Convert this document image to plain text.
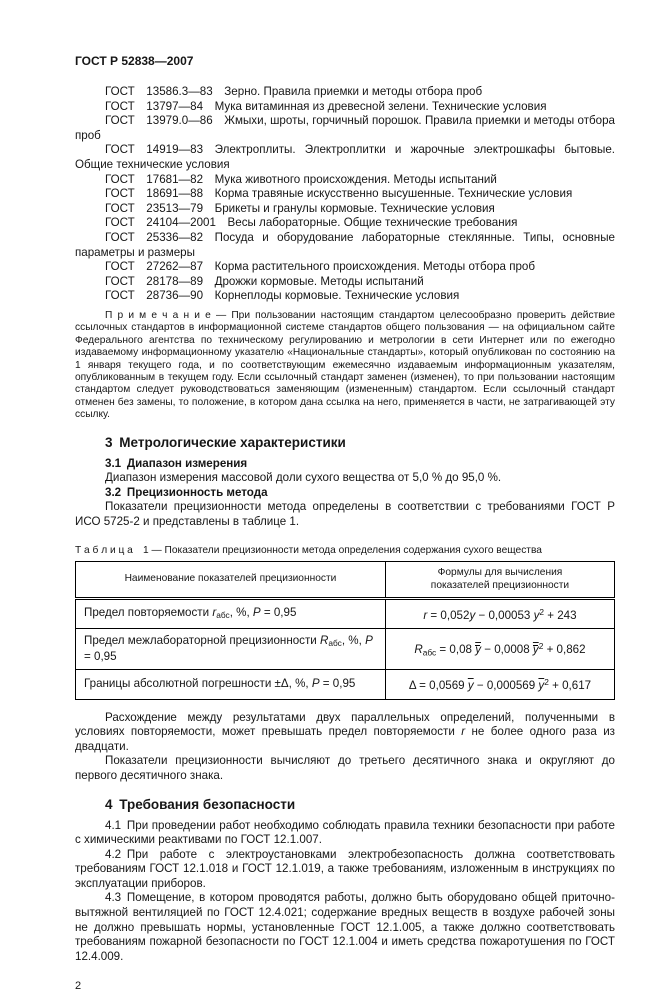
ГОСТ Р 52838—2007

ГОСТ 13586.3—83 Зерно. Правила приемки и методы отбора проб

ГОСТ 13797—84 Мука витаминная из древесной зелени. Технические условия

ГОСТ 13979.0—86 Жмыхи, шроты, горчичный порошок. Правила приемки и методы отбора проб

ГОСТ 14919—83 Электроплиты. Электроплитки и жарочные электрошкафы бытовые. Общие технические условия

ГОСТ 17681—82 Мука животного происхождения. Методы испытаний

ГОСТ 18691—88 Корма травяные искусственно высушенные. Технические условия

ГОСТ 23513—79 Брикеты и гранулы кормовые. Технические условия

ГОСТ 24104—2001 Весы лабораторные. Общие технические требования

ГОСТ 25336—82 Посуда и оборудование лабораторные стеклянные. Типы, основные параметры и размеры

ГОСТ 27262—87 Корма растительного происхождения. Методы отбора проб

ГОСТ 28178—89 Дрожжи кормовые. Методы испытаний

ГОСТ 28736—90 Корнеплоды кормовые. Технические условия

П р и м е ч а н и е — При пользовании настоящим стандартом целесообразно проверить действие ссылочных стандартов в информационной системе стандартов общего пользования — на официальном сайте Федерального агентства по техническому регулированию и метрологии в сети Интернет или по ежегодно издаваемому информационному указателю «Национальные стандарты», который опубликован по состоянию на 1 января текущего года, и по соответствующим ежемесячно издаваемым информационным указателям, опубликованным в текущем году. Если ссылочный стандарт заменен (изменен), то при пользовании настоящим стандартом следует руководствоваться заменяющим (измененным) стандартом. Если ссылочный стандарт отменен без замены, то положение, в котором дана ссылка на него, применяется в части, не затрагивающей эту ссылку.
3 Метрологические характеристики
3.1 Диапазон измерения

Диапазон измерения массовой доли сухого вещества от 5,0 % до 95,0 %.

3.2 Прецизионность метода

Показатели прецизионности метода определены в соответствии с требованиями ГОСТ Р ИСО 5725-2 и представлены в таблице 1.

Т а б л и ц а 1 — Показатели прецизионности метода определения содержания сухого вещества
Наименование показателей прецизионности	Формулы для вычисления показателей прецизионности
Предел повторяемости $r_{абс}$, %, P = 0,95	r = 0,052y − 0,00053 $y^2 + 243$
Предел межлабораторной прецизионности $R_{абс}$, %, P = 0,95	$R_{абс} = 0,08$ $\overline{y} - 0,0008$ $\overline{y}^2 + 0,862$
Границы абсолютной погрешности ±Δ, %, P = 0,95	Δ = 0,0569 $\overline{y} - 0,000569$ $\overline{y}^2 + 0,617$

Расхождение между результатами двух параллельных определений, полученными в условиях повторяемости, может превышать предел повторяемости r не более одного раза из двадцати.

Показатели прецизионности вычисляют до третьего десятичного знака и округляют до первого десятичного знака.

4 Требования безопасности

4.1 При проведении работ необходимо соблюдать правила техники безопасности при работе с химическими реактивами по ГОСТ 12.1.007.

4.2 При работе с электроустановками электробезопасность должна соответствовать требованиям ГОСТ 12.1.018 и ГОСТ 12.1.019, а также требованиям, изложенным в инструкциях по эксплуатации приборов.

4.3 Помещение, в котором проводятся работы, должно быть оборудовано общей приточно-вытяжной вентиляцией по ГОСТ 12.4.021; содержание вредных веществ в воздухе рабочей зоны не должно превышать нормы, установленные ГОСТ 12.1.005, а также должно соответствовать требованиям пожарной безопасности по ГОСТ 12.1.004 и иметь средства пожаротушения по ГОСТ 12.4.009.

2
